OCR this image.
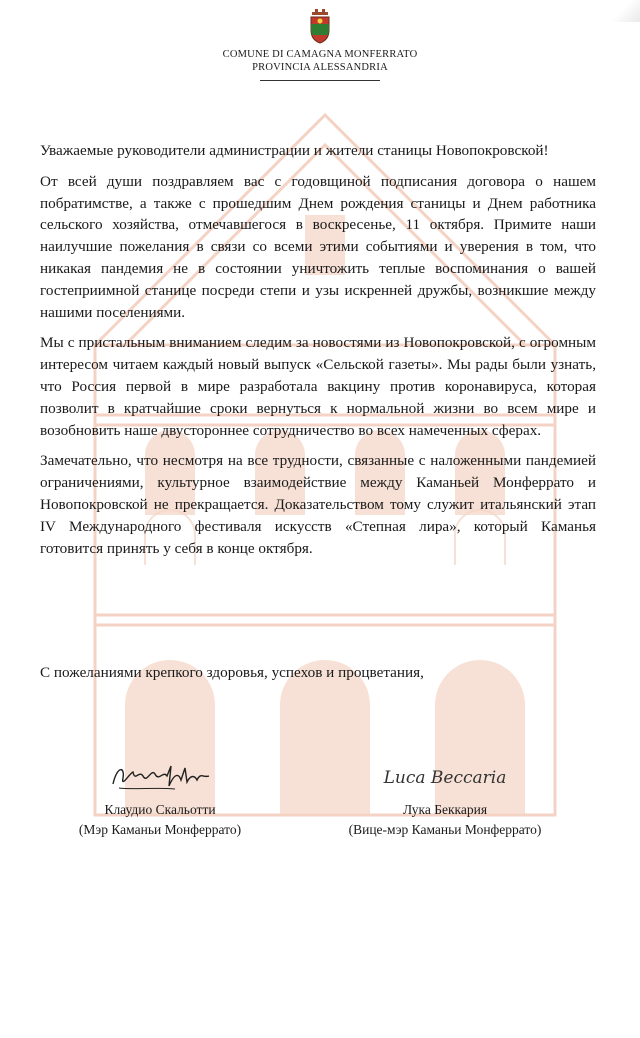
COMUNE DI CAMAGNA MONFERRATO
PROVINCIA ALESSANDRIA

Уважаемые руководители администрации и жители станицы Новопокровской!

От всей души поздравляем вас с годовщиной подписания договора о нашем побратимстве, а также с прошедшим Днем рождения станицы и Днем работника сельского хозяйства, отмечавшегося в воскресенье, 11 октября. Примите наши наилучшие пожелания в связи со всеми этими событиями и уверения в том, что никакая пандемия не в состоянии уничтожить теплые воспоминания о вашей гостеприимной станице посреди степи и узы искренней дружбы, возникшие между нашими поселениями.

Мы с пристальным вниманием следим за новостями из Новопокровской, с огромным интересом читаем каждый новый выпуск «Сельской газеты». Мы рады были узнать, что Россия первой в мире разработала вакцину против коронавируса, которая позволит в кратчайшие сроки вернуться к нормальной жизни во всем мире и возобновить наше двустороннее сотрудничество во всех намеченных сферах.

Замечательно, что несмотря на все трудности, связанные с наложенными пандемией ограничениями, культурное взаимодействие между Каманьей Монферрато и Новопокровской не прекращается. Доказательством тому служит итальянский этап IV Международного фестиваля искусств «Степная лира», который Каманья готовится принять у себя в конце октября.

С пожеланиями крепкого здоровья, успехов и процветания,
Клаудио Скальотти
(Мэр Каманьи Монферрато)
Luca Beccaria
Лука Беккария
(Вице-мэр Каманьи Монферрато)
